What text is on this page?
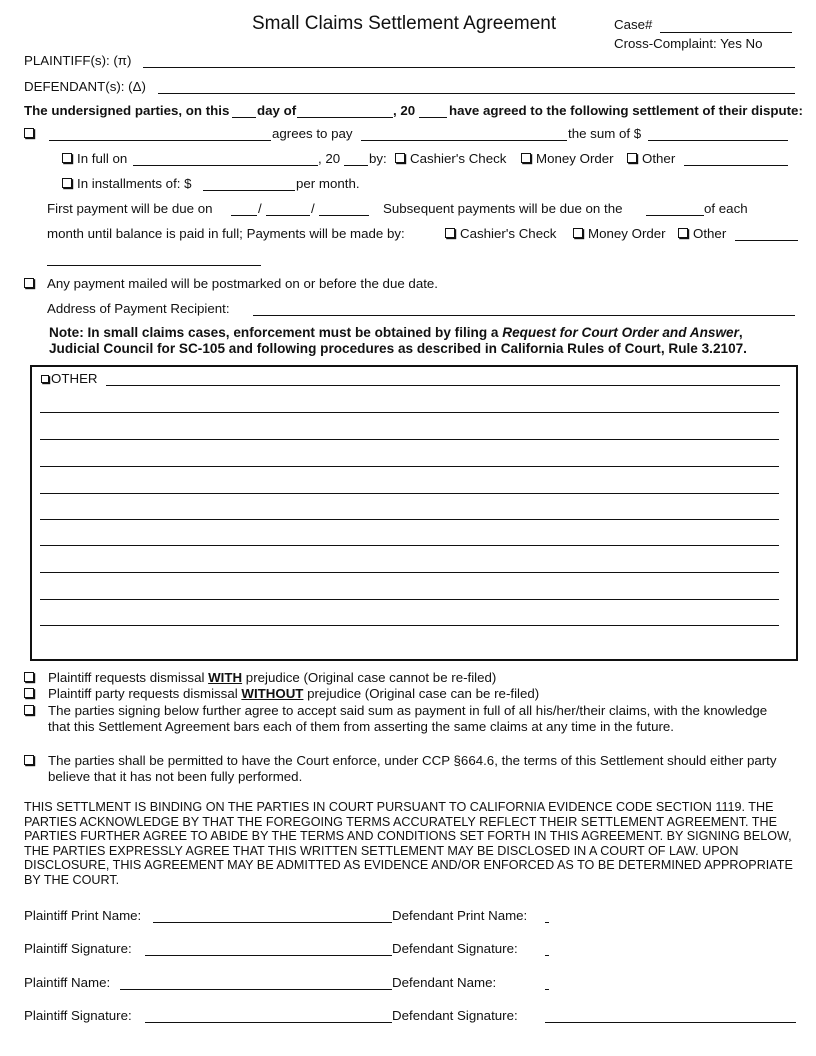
Small Claims Settlement Agreement	Case#
Cross-Complaint: Yes No
PLAINTIFF(s): (π)
DEFENDANT(s): (Δ)
The undersigned parties, on this day of	, 20	have agreed to the following settlement of their dispute:
agrees to pay	the sum of $
In full on	, 20 by:	Cashier's Check	Money Order	Other
In installments of: $	per month.
First payment will be due on	/	/	Subsequent payments will be due on the	of each
month until balance is paid in full; Payments will be made by:	Cashier's Check	Money Order	Other
Any payment mailed will be postmarked on or before the due date.
Address of Payment Recipient:
Note: In small claims cases, enforcement must be obtained by filing a Request for Court Order and Answer,
Judicial Council for SC-105 and following procedures as described in California Rules of Court, Rule 3.2107.
OTHER
Plaintiff requests dismissal WITH prejudice (Original case cannot be re-filed)
Plaintiff party requests dismissal WITHOUT prejudice (Original case can be re-filed)
The parties signing below further agree to accept said sum as payment in full of all his/her/their claims, with the knowledge that this Settlement Agreement bars each of them from asserting the same claims at any time in the future.
The parties shall be permitted to have the Court enforce, under CCP §664.6, the terms of this Settlement should either party believe that it has not been fully performed.
THIS SETTLMENT IS BINDING ON THE PARTIES IN COURT PURSUANT TO CALIFORNIA EVIDENCE CODE SECTION 1119. THE PARTIES ACKNOWLEDGE BY THAT THE FOREGOING TERMS ACCURATELY REFLECT THEIR SETTLEMENT AGREEMENT. THE PARTIES FURTHER AGREE TO ABIDE BY THE TERMS AND CONDITIONS SET FORTH IN THIS AGREEMENT. BY SIGNING BELOW, THE PARTIES EXPRESSLY AGREE THAT THIS WRITTEN SETTLEMENT MAY BE DISCLOSED IN A COURT OF LAW. UPON DISCLOSURE, THIS AGREEMENT MAY BE ADMITTED AS EVIDENCE AND/OR ENFORCED AS TO BE DETERMINED APPROPRIATE BY THE COURT.
Plaintiff Print Name:	Defendant Print Name:
Plaintiff Signature:	Defendant Signature:
Plaintiff Name:	Defendant Name:
Plaintiff Signature:	Defendant Signature:
